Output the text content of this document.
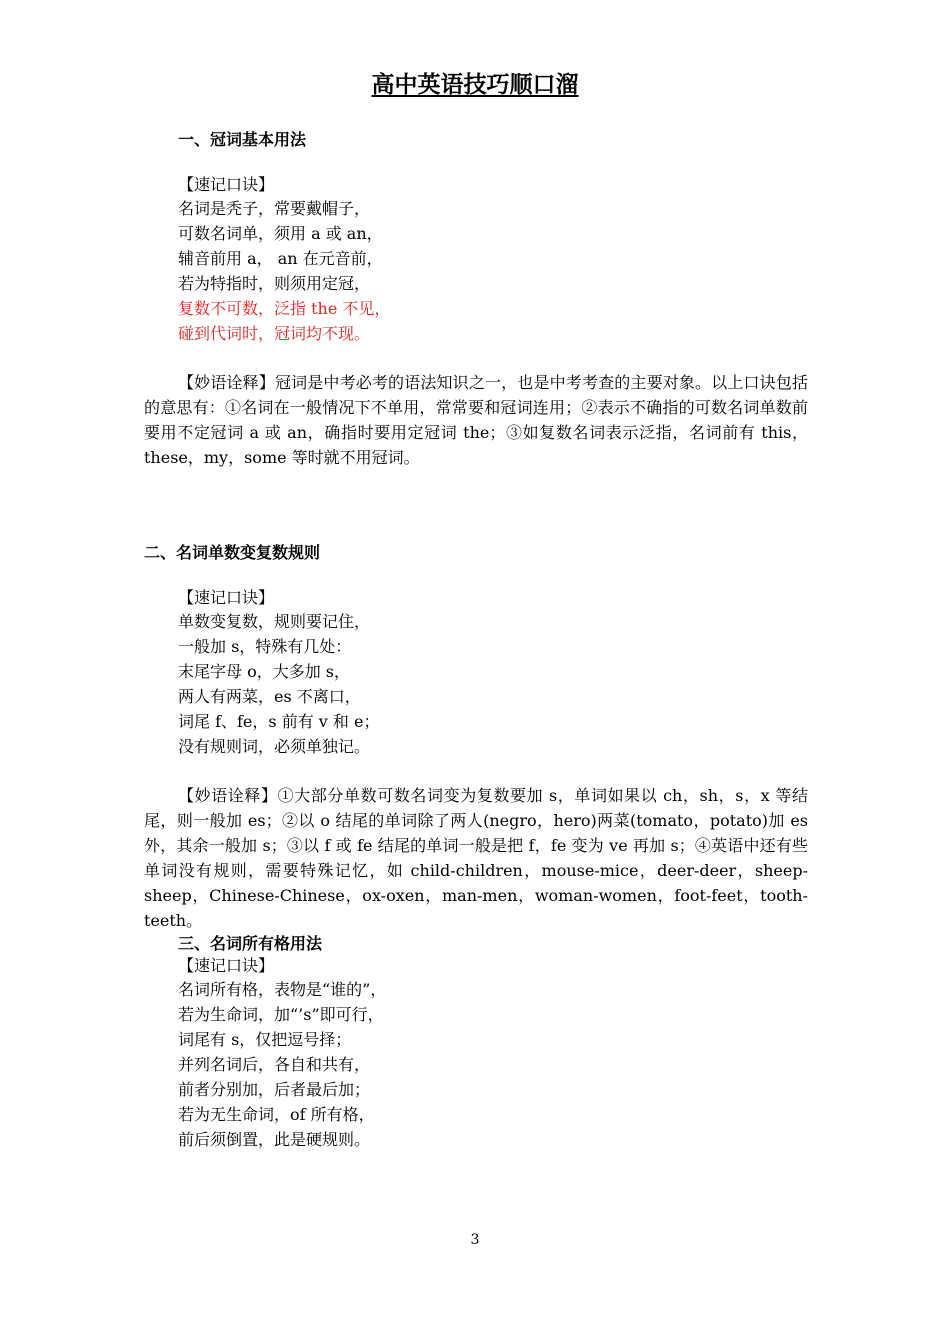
高中英语技巧顺口溜
一、冠词基本用法
【速记口诀】
名词是秃子，常要戴帽子，
可数名词单，须用 a 或 an，
辅音前用 a， an 在元音前，
若为特指时，则须用定冠，
复数不可数，泛指 the 不见，
碰到代词时，冠词均不现。
【妙语诠释】冠词是中考必考的语法知识之一，也是中考考查的主要对象。以上口诀包括的意思有：①名词在一般情况下不单用，常常要和冠词连用；②表示不确指的可数名词单数前要用不定冠词 a 或 an，确指时要用定冠词 the；③如复数名词表示泛指，名词前有 this，these，my，some 等时就不用冠词。
二、名词单数变复数规则
【速记口诀】
单数变复数，规则要记住，
一般加 s，特殊有几处：
末尾字母 o，大多加 s，
两人有两菜，es 不离口，
词尾 f、fe，s 前有 v 和 e；
没有规则词，必须单独记。
【妙语诠释】①大部分单数可数名词变为复数要加 s，单词如果以 ch，sh，s，x 等结尾，则一般加 es；②以 o 结尾的单词除了两人(negro，hero)两菜(tomato，potato)加 es 外，其余一般加 s；③以 f 或 fe 结尾的单词一般是把 f，fe 变为 ve 再加 s；④英语中还有些单词没有规则，需要特殊记忆，如 child-children，mouse-mice，deer-deer，sheep-sheep，Chinese-Chinese，ox-oxen，man-men，woman-women，foot-feet，tooth-teeth。
三、名词所有格用法
【速记口诀】
名词所有格，表物是“谁的”，
若为生命词，加“’s”即可行，
词尾有 s，仅把逗号择；
并列名词后，各自和共有，
前者分别加，后者最后加；
若为无生命词，of 所有格，
前后须倒置，此是硬规则。
3
